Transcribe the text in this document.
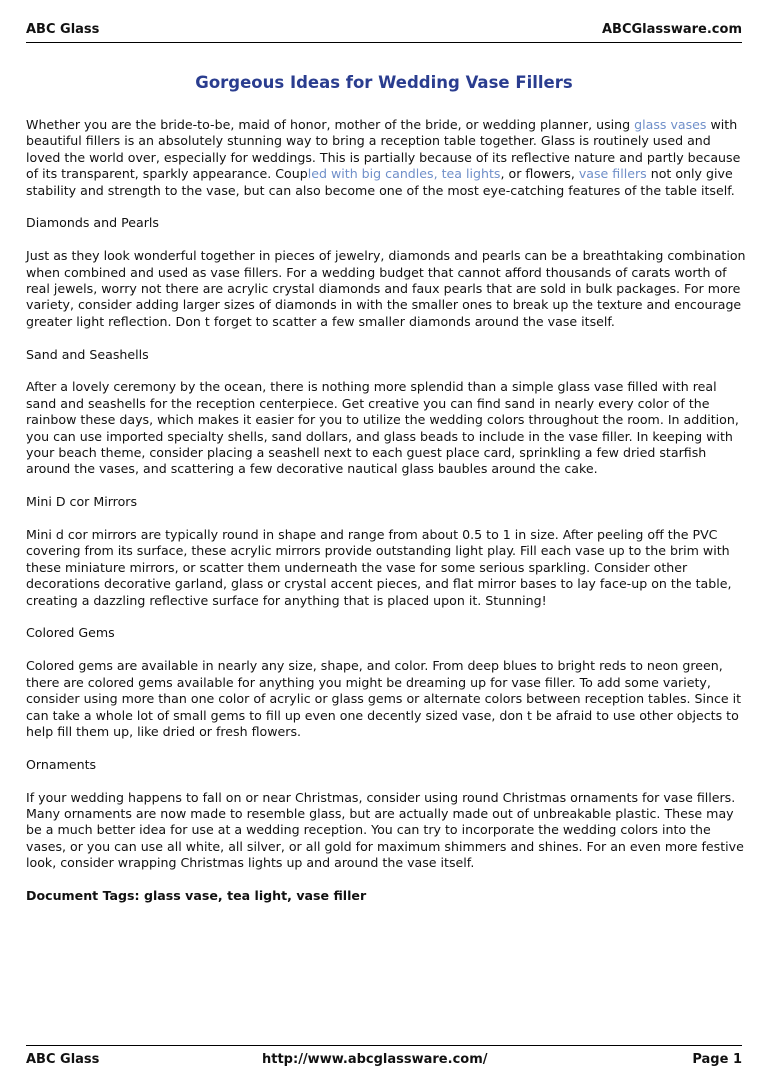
ABC Glass	ABCGlassware.com
Gorgeous Ideas for Wedding Vase Fillers

Whether you are the bride-to-be, maid of honor, mother of the bride, or wedding planner, using glass vases with beautiful fillers is an absolutely stunning way to bring a reception table together. Glass is routinely used and loved the world over, especially for weddings. This is partially because of its reflective nature and partly because of its transparent, sparkly appearance. Coupled with big candles, tea lights, or flowers, vase fillers not only give stability and strength to the vase, but can also become one of the most eye-catching features of the table itself.

Diamonds and Pearls

Just as they look wonderful together in pieces of jewelry, diamonds and pearls can be a breathtaking combination when combined and used as vase fillers. For a wedding budget that cannot afford thousands of carats worth of real jewels, worry not there are acrylic crystal diamonds and faux pearls that are sold in bulk packages. For more variety, consider adding larger sizes of diamonds in with the smaller ones to break up the texture and encourage greater light reflection. Don t forget to scatter a few smaller diamonds around the vase itself.

Sand and Seashells

After a lovely ceremony by the ocean, there is nothing more splendid than a simple glass vase filled with real sand and seashells for the reception centerpiece. Get creative you can find sand in nearly every color of the rainbow these days, which makes it easier for you to utilize the wedding colors throughout the room. In addition, you can use imported specialty shells, sand dollars, and glass beads to include in the vase filler. In keeping with your beach theme, consider placing a seashell next to each guest place card, sprinkling a few dried starfish around the vases, and scattering a few decorative nautical glass baubles around the cake.

Mini D cor Mirrors

Mini d cor mirrors are typically round in shape and range from about 0.5 to 1 in size. After peeling off the PVC covering from its surface, these acrylic mirrors provide outstanding light play. Fill each vase up to the brim with these miniature mirrors, or scatter them underneath the vase for some serious sparkling. Consider other decorations decorative garland, glass or crystal accent pieces, and flat mirror bases to lay face-up on the table, creating a dazzling reflective surface for anything that is placed upon it. Stunning!

Colored Gems

Colored gems are available in nearly any size, shape, and color. From deep blues to bright reds to neon green, there are colored gems available for anything you might be dreaming up for vase filler. To add some variety, consider using more than one color of acrylic or glass gems or alternate colors between reception tables. Since it can take a whole lot of small gems to fill up even one decently sized vase, don t be afraid to use other objects to help fill them up, like dried or fresh flowers.

Ornaments

If your wedding happens to fall on or near Christmas, consider using round Christmas ornaments for vase fillers. Many ornaments are now made to resemble glass, but are actually made out of unbreakable plastic. These may be a much better idea for use at a wedding reception. You can try to incorporate the wedding colors into the vases, or you can use all white, all silver, or all gold for maximum shimmers and shines. For an even more festive look, consider wrapping Christmas lights up and around the vase itself.

Document Tags: glass vase, tea light, vase filler

ABC Glass	http://www.abcglassware.com/	Page 1
